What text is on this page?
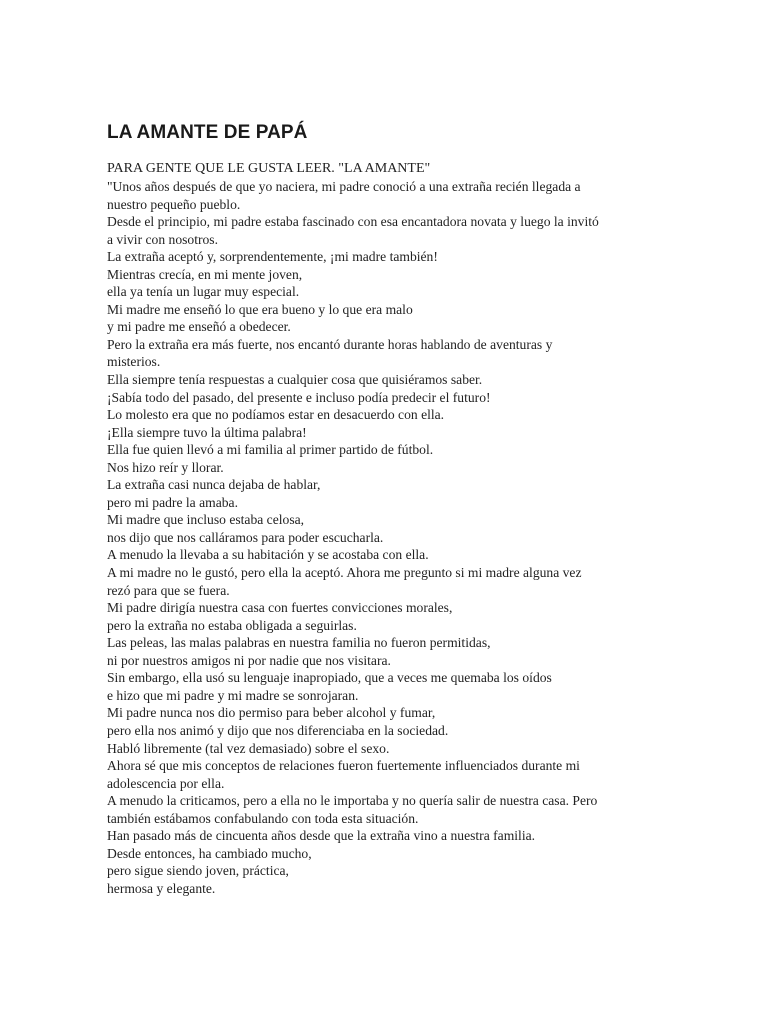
LA AMANTE DE PAPÁ

PARA GENTE QUE LE GUSTA LEER. "LA AMANTE"

"Unos años después de que yo naciera, mi padre conoció a una extraña recién llegada a
nuestro pequeño pueblo.
Desde el principio, mi padre estaba fascinado con esa encantadora novata y luego la invitó
a vivir con nosotros.
La extraña aceptó y, sorprendentemente, ¡mi madre también!
Mientras crecía, en mi mente joven,
ella ya tenía un lugar muy especial.
Mi madre me enseñó lo que era bueno y lo que era malo
y mi padre me enseñó a obedecer.
Pero la extraña era más fuerte, nos encantó durante horas hablando de aventuras y
misterios.
Ella siempre tenía respuestas a cualquier cosa que quisiéramos saber.
¡Sabía todo del pasado, del presente e incluso podía predecir el futuro!
Lo molesto era que no podíamos estar en desacuerdo con ella.
¡Ella siempre tuvo la última palabra!
Ella fue quien llevó a mi familia al primer partido de fútbol.
Nos hizo reír y llorar.
La extraña casi nunca dejaba de hablar,
pero mi padre la amaba.
Mi madre que incluso estaba celosa,
nos dijo que nos calláramos para poder escucharla.
A menudo la llevaba a su habitación y se acostaba con ella.
A mi madre no le gustó, pero ella la aceptó. Ahora me pregunto si mi madre alguna vez
rezó para que se fuera.
Mi padre dirigía nuestra casa con fuertes convicciones morales,
pero la extraña no estaba obligada a seguirlas.
Las peleas, las malas palabras en nuestra familia no fueron permitidas,
ni por nuestros amigos ni por nadie que nos visitara.
Sin embargo, ella usó su lenguaje inapropiado, que a veces me quemaba los oídos
e hizo que mi padre y mi madre se sonrojaran.
Mi padre nunca nos dio permiso para beber alcohol y fumar,
pero ella nos animó y dijo que nos diferenciaba en la sociedad.
Habló libremente (tal vez demasiado) sobre el sexo.
Ahora sé que mis conceptos de relaciones fueron fuertemente influenciados durante mi
adolescencia por ella.
A menudo la criticamos, pero a ella no le importaba y no quería salir de nuestra casa. Pero
también estábamos confabulando con toda esta situación.
Han pasado más de cincuenta años desde que la extraña vino a nuestra familia.
Desde entonces, ha cambiado mucho,
pero sigue siendo joven, práctica,
hermosa y elegante.
